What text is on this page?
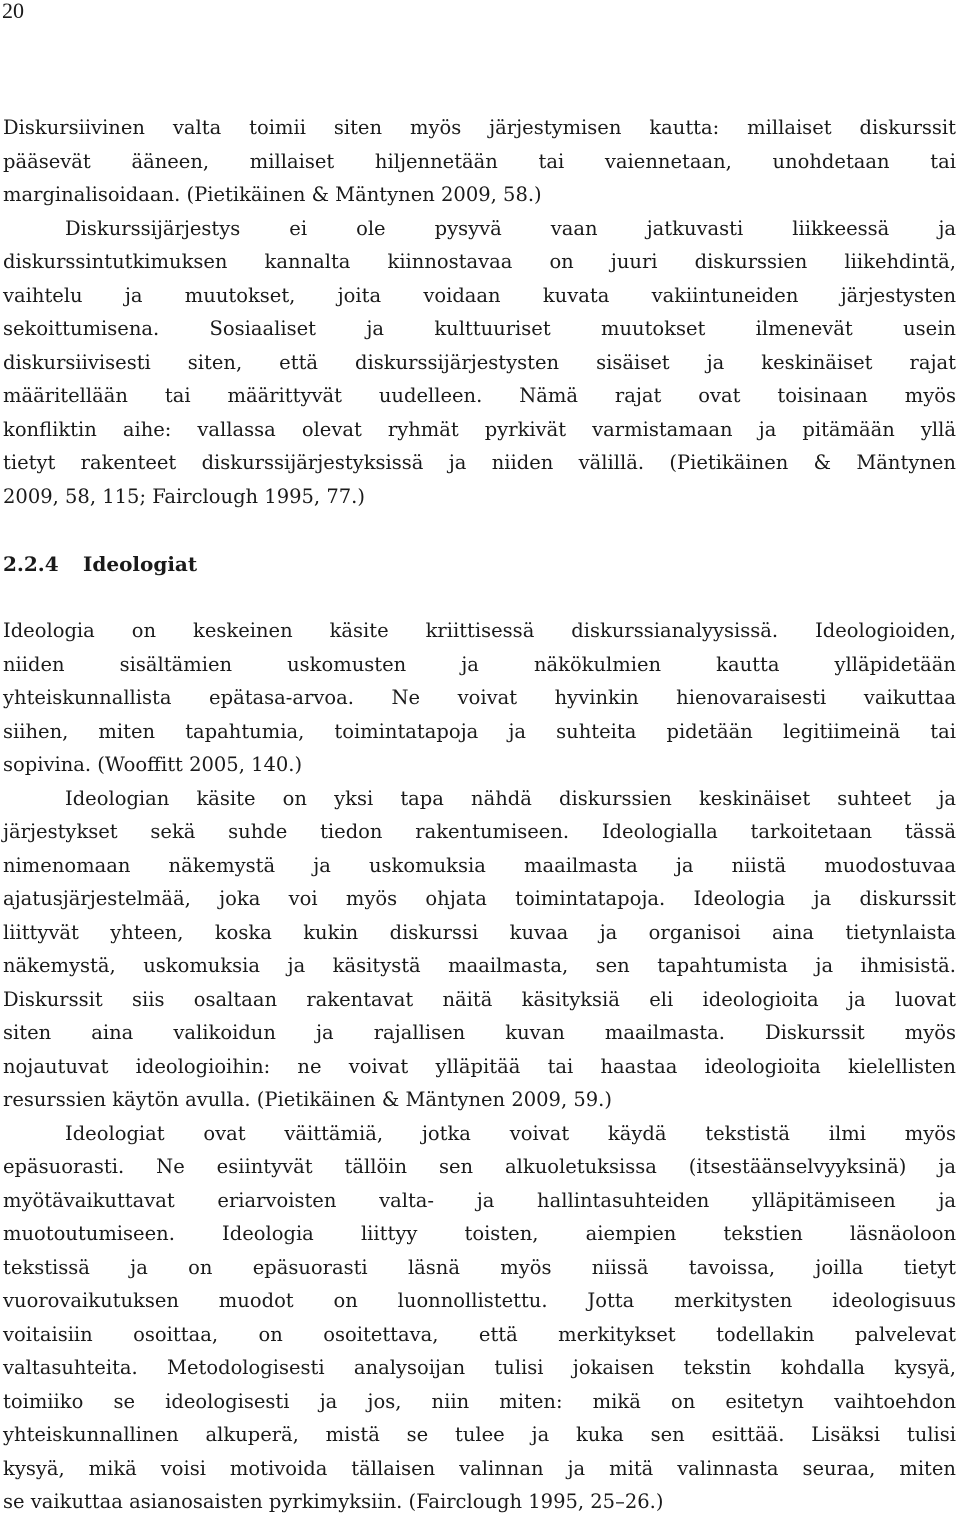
20
Diskursiivinen valta toimii siten myös järjestymisen kautta: millaiset diskurssit
pääsevät ääneen, millaiset hiljennetään tai vaiennetaan, unohdetaan tai
marginalisoidaan. (Pietikäinen & Mäntynen 2009, 58.)
Diskurssijärjestys ei ole pysyvä vaan jatkuvasti liikkeessä ja
diskurssintutkimuksen kannalta kiinnostavaa on juuri diskurssien liikehdintä,
vaihtelu ja muutokset, joita voidaan kuvata vakiintuneiden järjestysten
sekoittumisena. Sosiaaliset ja kulttuuriset muutokset ilmenevät usein
diskursiivisesti siten, että diskurssijärjestysten sisäiset ja keskinäiset rajat
määritellään tai määrittyvät uudelleen. Nämä rajat ovat toisinaan myös
konfliktin aihe: vallassa olevat ryhmät pyrkivät varmistamaan ja pitämään yllä
tietyt rakenteet diskurssijärjestyksissä ja niiden välillä. (Pietikäinen & Mäntynen
2009, 58, 115; Fairclough 1995, 77.)
2.2.4 Ideologiat
Ideologia on keskeinen käsite kriittisessä diskurssianalyysissä. Ideologioiden,
niiden sisältämien uskomusten ja näkökulmien kautta ylläpidetään
yhteiskunnallista epätasa-arvoa. Ne voivat hyvinkin hienovaraisesti vaikuttaa
siihen, miten tapahtumia, toimintatapoja ja suhteita pidetään legitiimeinä tai
sopivina. (Wooffitt 2005, 140.)
Ideologian käsite on yksi tapa nähdä diskurssien keskinäiset suhteet ja
järjestykset sekä suhde tiedon rakentumiseen. Ideologialla tarkoitetaan tässä
nimenomaan näkemystä ja uskomuksia maailmasta ja niistä muodostuvaa
ajatusjärjestelmää, joka voi myös ohjata toimintatapoja. Ideologia ja diskurssit
liittyvät yhteen, koska kukin diskurssi kuvaa ja organisoi aina tietynlaista
näkemystä, uskomuksia ja käsitystä maailmasta, sen tapahtumista ja ihmisistä.
Diskurssit siis osaltaan rakentavat näitä käsityksiä eli ideologioita ja luovat
siten aina valikoidun ja rajallisen kuvan maailmasta. Diskurssit myös
nojautuvat ideologioihin: ne voivat ylläpitää tai haastaa ideologioita kielellisten
resurssien käytön avulla. (Pietikäinen & Mäntynen 2009, 59.)
Ideologiat ovat väittämiä, jotka voivat käydä tekstistä ilmi myös
epäsuorasti. Ne esiintyvät tällöin sen alkuoletuksissa (itsestäänselvyyksinä) ja
myötävaikuttavat eriarvoisten valta- ja hallintasuhteiden ylläpitämiseen ja
muotoutumiseen. Ideologia liittyy toisten, aiempien tekstien läsnäoloon
tekstissä ja on epäsuorasti läsnä myös niissä tavoissa, joilla tietyt
vuorovaikutuksen muodot on luonnollistettu. Jotta merkitysten ideologisuus
voitaisiin osoittaa, on osoitettava, että merkitykset todellakin palvelevat
valtasuhteita. Metodologisesti analysoijan tulisi jokaisen tekstin kohdalla kysyä,
toimiiko se ideologisesti ja jos, niin miten: mikä on esitetyn vaihtoehdon
yhteiskunnallinen alkuperä, mistä se tulee ja kuka sen esittää. Lisäksi tulisi
kysyä, mikä voisi motivoida tällaisen valinnan ja mitä valinnasta seuraa, miten
se vaikuttaa asianosaisten pyrkimyksiin. (Fairclough 1995, 25–26.)
